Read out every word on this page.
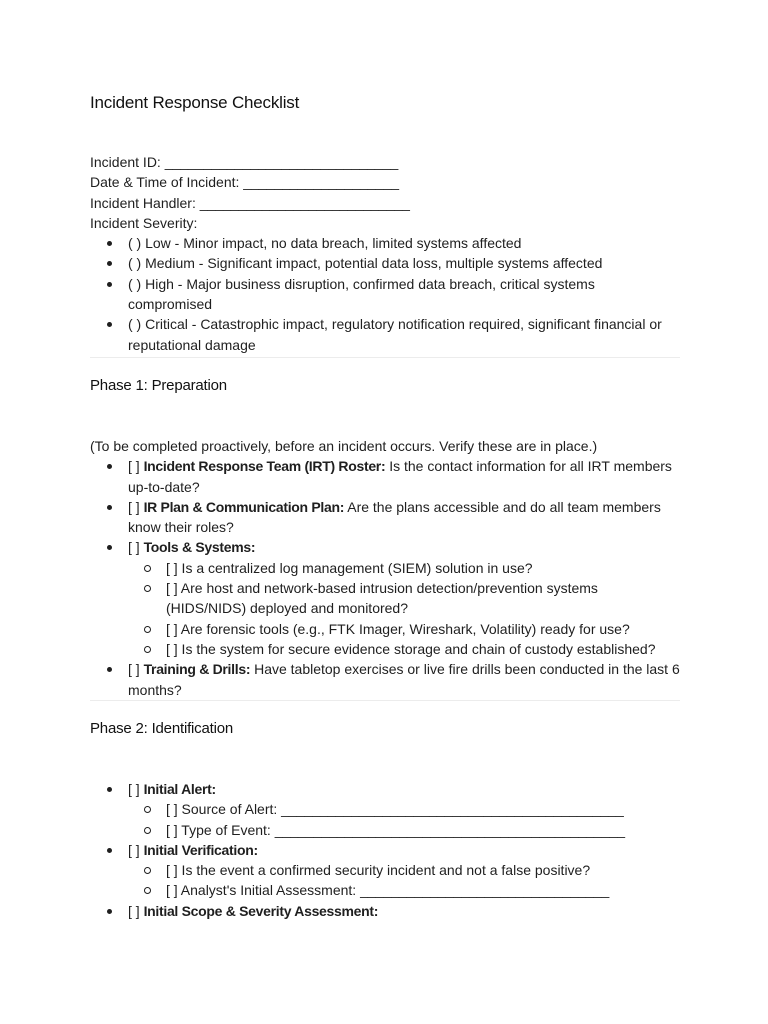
Incident Response Checklist
Incident ID: ______________________________
Date & Time of Incident: ____________________
Incident Handler: ___________________________
Incident Severity:
( ) Low - Minor impact, no data breach, limited systems affected
( ) Medium - Significant impact, potential data loss, multiple systems affected
( ) High - Major business disruption, confirmed data breach, critical systems compromised
( ) Critical - Catastrophic impact, regulatory notification required, significant financial or reputational damage
Phase 1: Preparation
(To be completed proactively, before an incident occurs. Verify these are in place.)
[ ] Incident Response Team (IRT) Roster: Is the contact information for all IRT members up-to-date?
[ ] IR Plan & Communication Plan: Are the plans accessible and do all team members know their roles?
[ ] Tools & Systems:
[ ] Is a centralized log management (SIEM) solution in use?
[ ] Are host and network-based intrusion detection/prevention systems (HIDS/NIDS) deployed and monitored?
[ ] Are forensic tools (e.g., FTK Imager, Wireshark, Volatility) ready for use?
[ ] Is the system for secure evidence storage and chain of custody established?
[ ] Training & Drills: Have tabletop exercises or live fire drills been conducted in the last 6 months?
Phase 2: Identification
[ ] Initial Alert:
[ ] Source of Alert: ____________________________________________
[ ] Type of Event: _____________________________________________
[ ] Initial Verification:
[ ] Is the event a confirmed security incident and not a false positive?
[ ] Analyst's Initial Assessment: ________________________________
[ ] Initial Scope & Severity Assessment:
